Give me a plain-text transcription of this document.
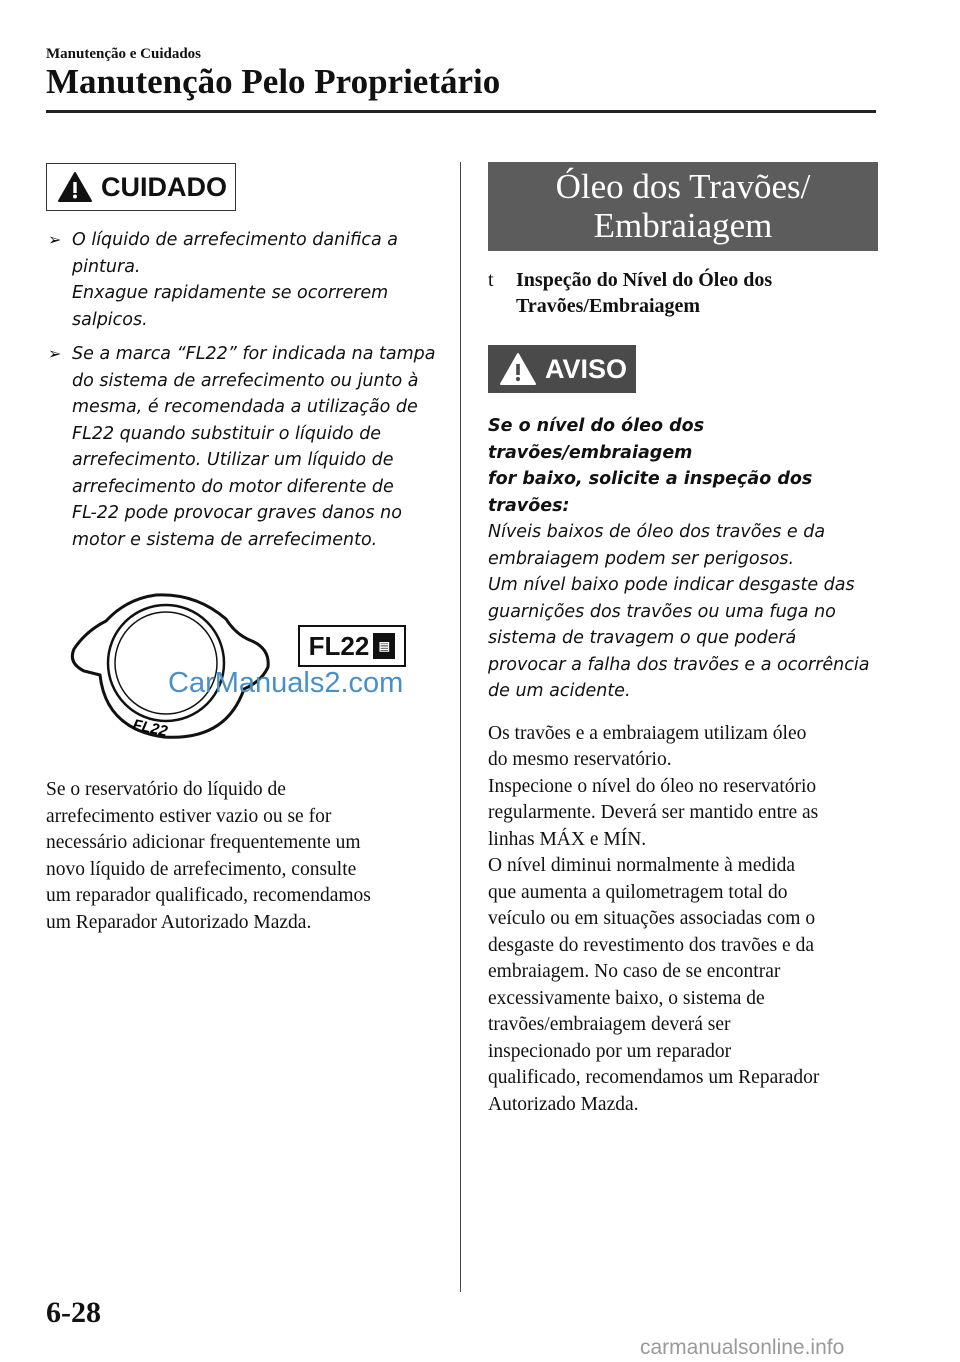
Manutenção e Cuidados
Manutenção Pelo Proprietário
CUIDADO
➢ O líquido de arrefecimento danifica a
pintura.
Enxague rapidamente se ocorrerem
salpicos.
➢ Se a marca “FL22” for indicada na tampa
do sistema de arrefecimento ou junto à
mesma, é recomendada a utilização de
FL22 quando substituir o líquido de
arrefecimento. Utilizar um líquido de
arrefecimento do motor diferente de
FL-22 pode provocar graves danos no
motor e sistema de arrefecimento.
FL22
FL22 ▤
CarManuals2.com

Se o reservatório do líquido de
arrefecimento estiver vazio ou se for
necessário adicionar frequentemente um
novo líquido de arrefecimento, consulte
um reparador qualificado, recomendamos
um Reparador Autorizado Mazda.

Óleo dos Travões/
Embraiagem
t Inspeção do Nível do Óleo dos
Travões/Embraiagem
AVISO
Se o nível do óleo dos travões/embraiagem
for baixo, solicite a inspeção dos travões:
Níveis baixos de óleo dos travões e da
embraiagem podem ser perigosos.
Um nível baixo pode indicar desgaste das
guarnições dos travões ou uma fuga no
sistema de travagem o que poderá
provocar a falha dos travões e a ocorrência
de um acidente.

Os travões e a embraiagem utilizam óleo
do mesmo reservatório.
Inspecione o nível do óleo no reservatório
regularmente. Deverá ser mantido entre as
linhas MÁX e MÍN.
O nível diminui normalmente à medida
que aumenta a quilometragem total do
veículo ou em situações associadas com o
desgaste do revestimento dos travões e da
embraiagem. No caso de se encontrar
excessivamente baixo, o sistema de
travões/embraiagem deverá ser
inspecionado por um reparador
qualificado, recomendamos um Reparador
Autorizado Mazda.

6-28
carmanualsonline.info
